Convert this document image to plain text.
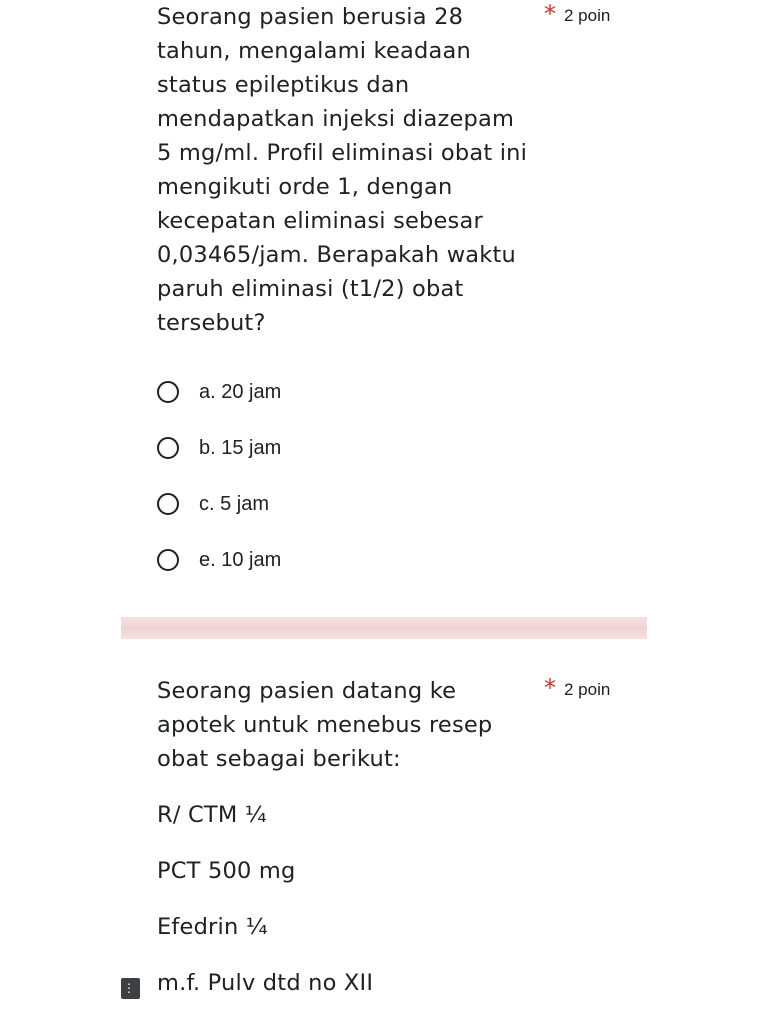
Seorang pasien berusia 28 tahun, mengalami keadaan status epileptikus dan mendapatkan injeksi diazepam 5 mg/ml. Profil eliminasi obat ini mengikuti orde 1, dengan kecepatan eliminasi sebesar 0,03465/jam. Berapakah waktu paruh eliminasi (t1/2) obat tersebut?

* 2 poin
a. 20 jam
b. 15 jam
c. 5 jam
e. 10 jam

Seorang pasien datang ke apotek untuk menebus resep obat sebagai berikut:

* 2 poin

R/ CTM ¼

PCT 500 mg

Efedrin ¼

m.f. Pulv dtd no XII

⋮
